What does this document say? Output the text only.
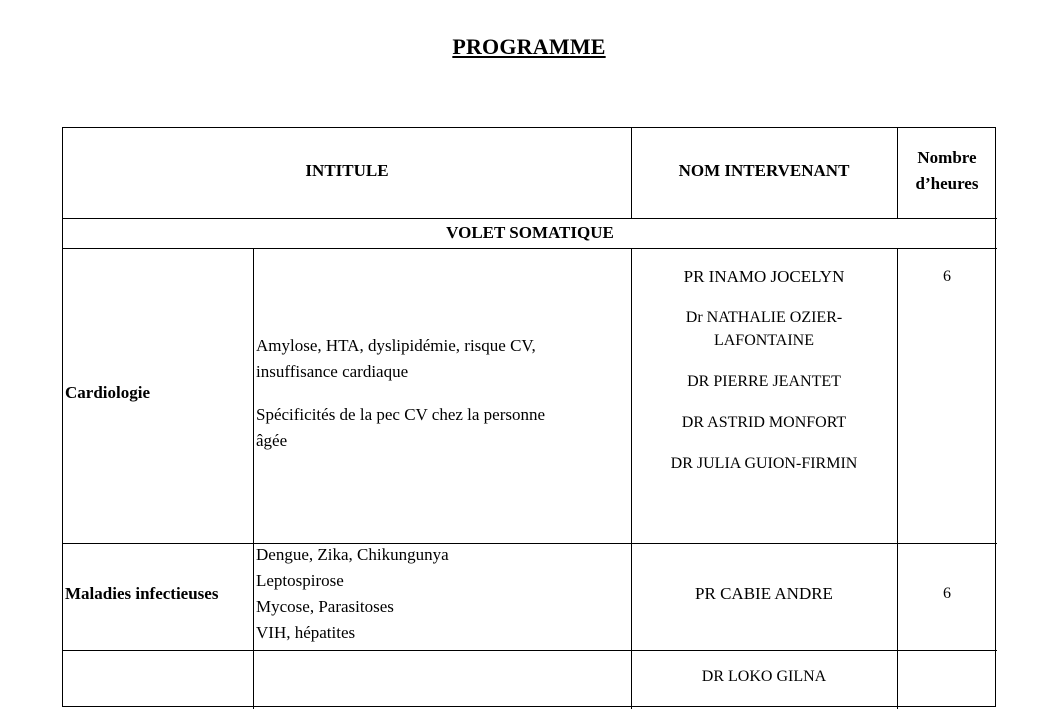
PROGRAMME
INTITULE	NOM INTERVENANT
Nombre
d’heures
VOLET SOMATIQUE
Cardiologie
Amylose, HTA, dyslipidémie, risque CV,
insuffisance cardiaque
Spécificités de la pec CV chez la personne
âgée
PR INAMO JOCELYN
Dr NATHALIE OZIER-
LAFONTAINE
DR PIERRE JEANTET
DR ASTRID MONFORT
DR JULIA GUION-FIRMIN
6
Maladies infectieuses
Dengue, Zika, Chikungunya
Leptospirose
Mycose, Parasitoses
VIH, hépatites
PR CABIE ANDRE	6
DR LOKO GILNA
